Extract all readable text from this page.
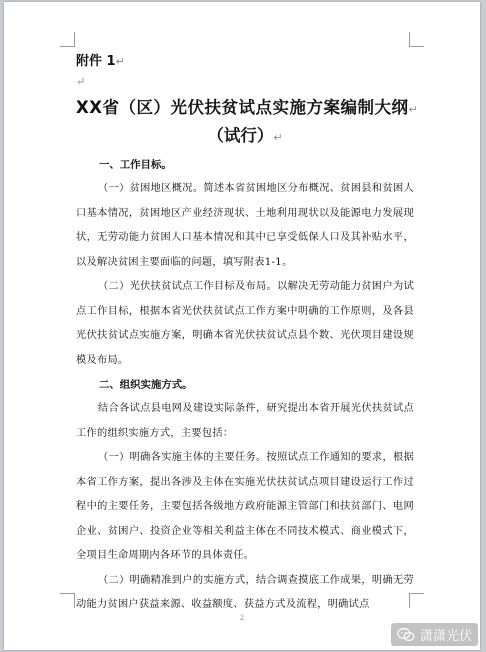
附件 1↵
↵
XX省（区）光伏扶贫试点实施方案编制大纲↵
（试行）↵
一、工作目标。

（一）贫困地区概况。简述本省贫困地区分布概况、贫困县和贫困人口基本情况，贫困地区产业经济现状、土地利用现状以及能源电力发展现状，无劳动能力贫困人口基本情况和其中已享受低保人口及其补贴水平，以及解决贫困主要面临的问题，填写附表1-1。

（二）光伏扶贫试点工作目标及布局。以解决无劳动能力贫困户为试点工作目标，根据本省光伏扶贫试点工作方案中明确的工作原则，及各县光伏扶贫试点实施方案，明确本省光伏扶贫试点县个数、光伏项目建设规模及布局。

二、组织实施方式。

结合各试点县电网及建设实际条件，研究提出本省开展光伏扶贫试点工作的组织实施方式，主要包括：

（一）明确各实施主体的主要任务。按照试点工作通知的要求，根据本省工作方案，提出各涉及主体在实施光伏扶贫试点项目建设运行工作过程中的主要任务，主要包括各级地方政府能源主管部门和扶贫部门、电网企业、贫困户、投资企业等相关利益主体在不同技术模式、商业模式下，全项目生命周期内各环节的具体责任。

（二）明确精准到户的实施方式，结合调查摸底工作成果，明确无劳动能力贫困户获益来源、收益额度、获益方式及流程，明确试点

2
潇潇光伏
